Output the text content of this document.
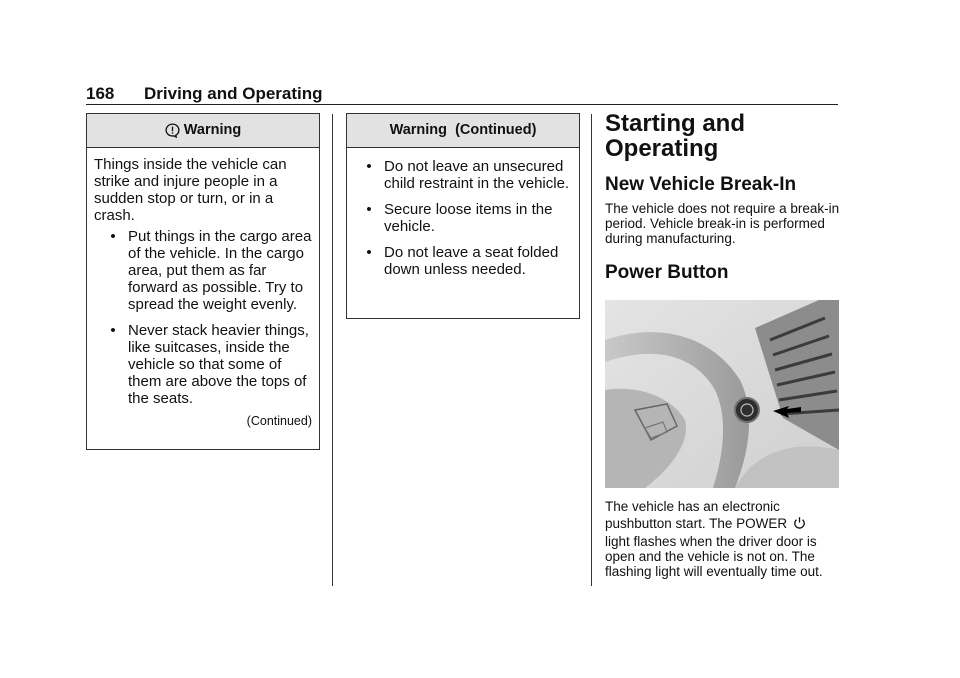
168 Driving and Operating
Warning

Things inside the vehicle can strike and injure people in a sudden stop or turn, or in a crash.

• Put things in the cargo area of the vehicle. In the cargo area, put them as far forward as possible. Try to spread the weight evenly.
• Never stack heavier things, like suitcases, inside the vehicle so that some of them are above the tops of the seats.
(Continued)
Warning  (Continued)
• Do not leave an unsecured child restraint in the vehicle.
• Secure loose items in the vehicle.
• Do not leave a seat folded down unless needed.
Starting and Operating
New Vehicle Break-In
The vehicle does not require a break-in period. Vehicle break-in is performed during manufacturing.
Power Button
The vehicle has an electronic pushbutton start. The POWER

light flashes when the driver door is open and the vehicle is not on. The flashing light will eventually time out.
